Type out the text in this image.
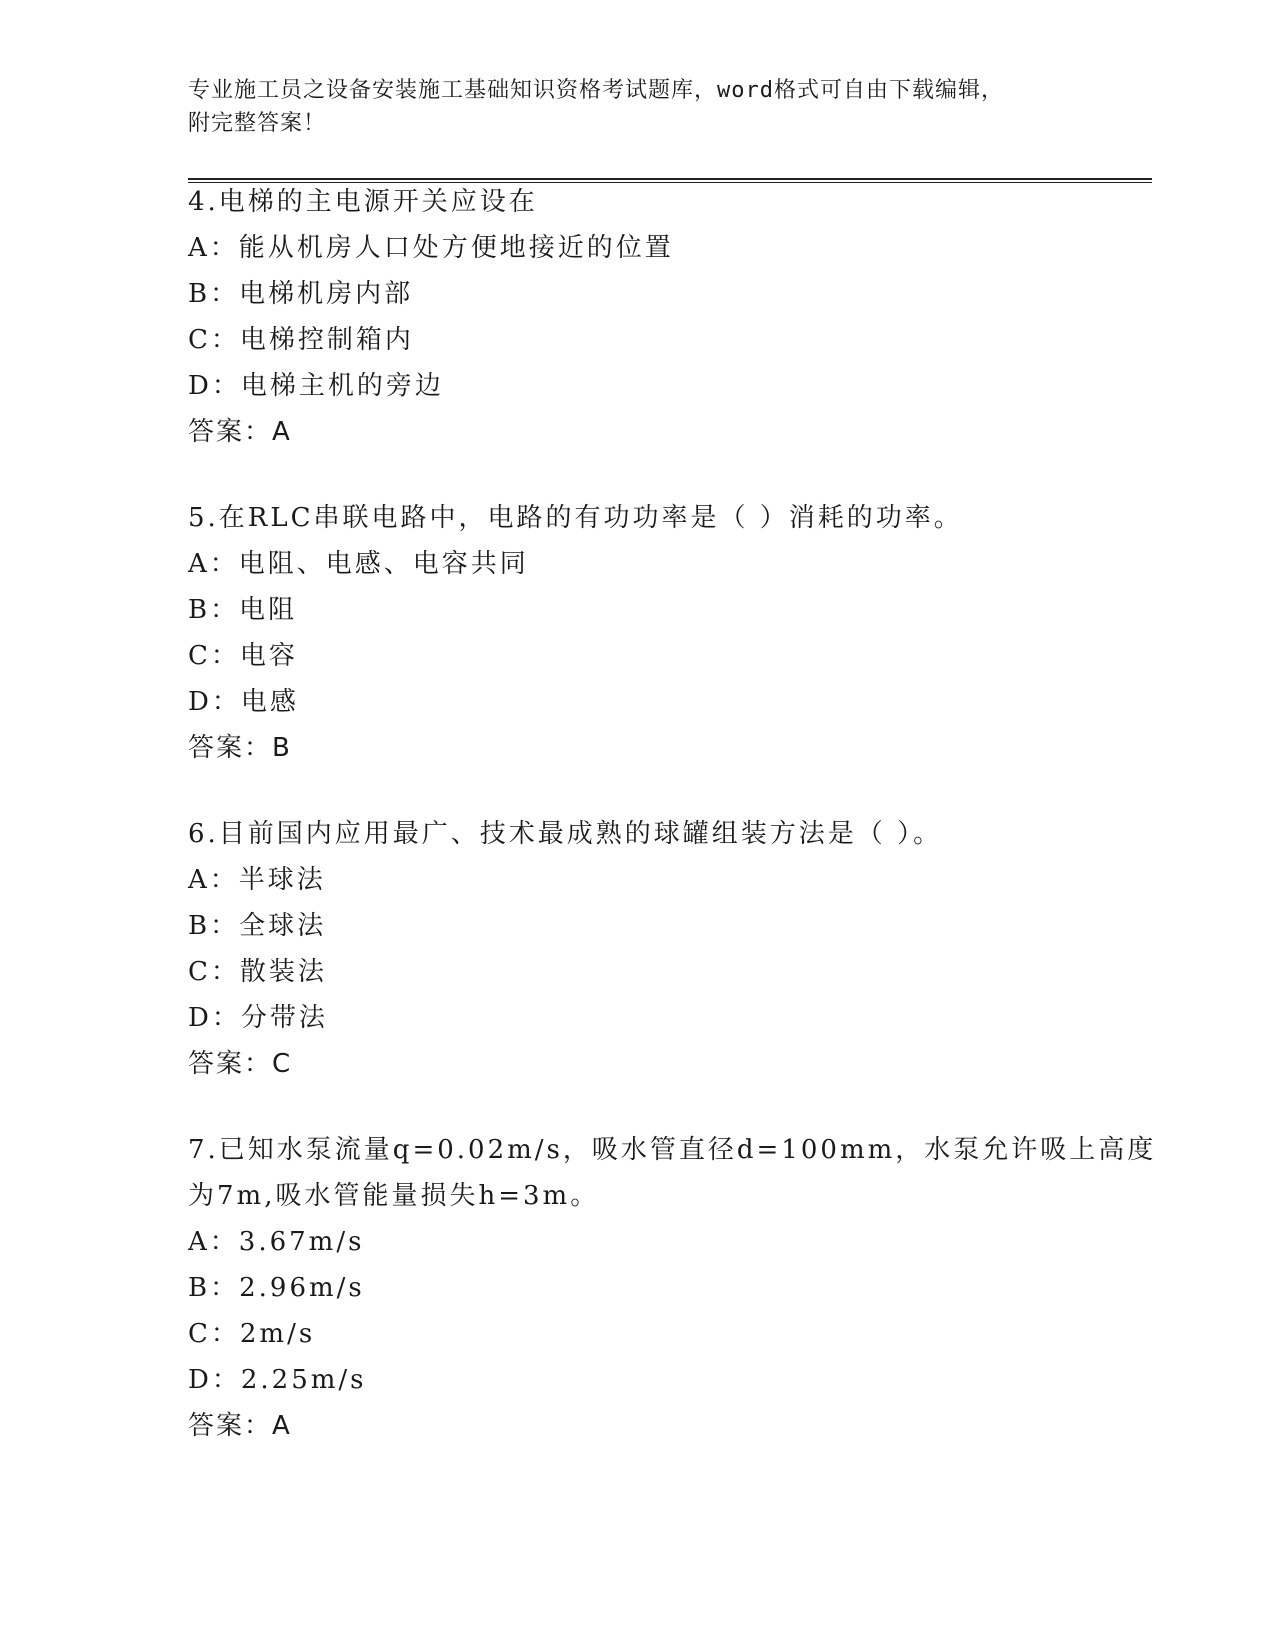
专业施工员之设备安装施工基础知识资格考试题库，word格式可自由下载编辑，
附完整答案！
4.电梯的主电源开关应设在
A：能从机房人口处方便地接近的位置
B：电梯机房内部
C：电梯控制箱内
D：电梯主机的旁边
答案：A
5.在RLC串联电路中，电路的有功功率是（ ）消耗的功率。
A：电阻、电感、电容共同
B：电阻
C：电容
D：电感
答案：B
6.目前国内应用最广、技术最成熟的球罐组装方法是（ ）。
A：半球法
B：全球法
C：散装法
D：分带法
答案：C
7.已知水泵流量q=0.02m/s，吸水管直径d=100mm，水泵允许吸上高度
为7m,吸水管能量损失h=3m。
A：3.67m/s
B：2.96m/s
C：2m/s
D：2.25m/s
答案：A
